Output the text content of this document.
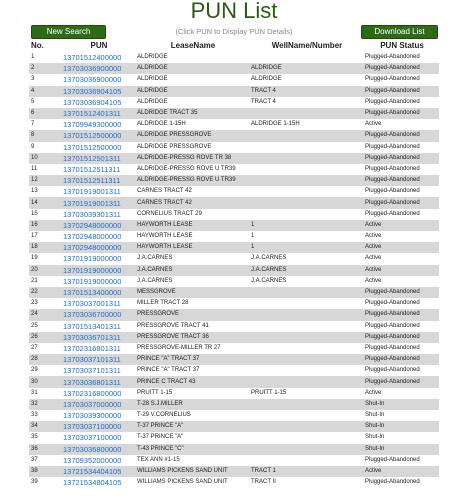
PUN List
New Search	(Click PUN to Display PUN Details)	Download List
No.	PUN	LeaseName	WellName/Number	PUN Status
1	13701512400000	ALDRIDGE		Plugged-Abandoned
2	13703036900000	ALDRIDGE	ALDRIDGE	Plugged-Abandoned
3	13703036900000	ALDRIDGE	ALDRIDGE	Plugged-Abandoned
4	13703036904105	ALDRIDGE	TRACT 4	Plugged-Abandoned
5	13703036904105	ALDRIDGE	TRACT 4	Plugged-Abandoned
6	13701512401311	ALDRIDGE TRACT 35		Plugged-Abandoned
7	13709949300000	ALDRIDGE 1-15H	ALDRIDGE 1-15H	Active
8	13701512500000	ALDRIDGE PRESSGROVE		Plugged-Abandoned
9	13701512500000	ALDRIDGE PRESSGROVE		Plugged-Abandoned
10	13701512501311	ALDRIDGE-PRESSG ROVE TR 38		Plugged-Abandoned
11	13701512511311	ALDRIDGE-PRESSG ROVE U TR39		Plugged-Abandoned
12	13701512511311	ALDRIDGE-PRESSG ROVE U TR39		Plugged-Abandoned
13	13701919001311	CARNES TRACT 42		Plugged-Abandoned
14	13701919001311	CARNES TRACT 42		Plugged-Abandoned
15	13703039301311	CORNELIUS TRACT 29		Plugged-Abandoned
16	13702948000000	HAYWORTH LEASE	1	Active
17	13702948000000	HAYWORTH LEASE	1	Active
18	13702948000000	HAYWORTH LEASE	1	Active
19	13701919000000	J.A.CARNES	J.A.CARNES	Active
20	13701919000000	J.A.CARNES	J.A.CARNES	Active
21	13701919000000	J.A.CARNES	J.A.CARNES	Active
22	13701513400000	MESSGROVE		Plugged-Abandoned
23	13703037001311	MILLER TRACT 28		Plugged-Abandoned
24	13703036700000	PRESSGROVE		Plugged-Abandoned
25	13701513401311	PRESSGROVE TRACT 41		Plugged-Abandoned
26	13703036701311	PRESSGROVE TRACT 36		Plugged-Abandoned
27	13702316801311	PRESSGROVE-MILLER TR 27		Plugged-Abandoned
28	13703037101311	PRINCE "A" TRACT 37		Plugged-Abandoned
29	13703037101311	PRINCE "A" TRACT 37		Plugged-Abandoned
30	13703036801311	PRINCE C TRACT 43		Plugged-Abandoned
31	13702316800000	PRUITT 1-15	PRUITT 1-15	Active
32	13703037000000	T-28 S.J.MILLER		Shut-In
33	13703039300000	T-29 V.CORNELIUS		Shut-In
34	13703037100000	T-37 PRINCE "A"		Shut-In
35	13703037100000	T-37 PRINCE "A"		Shut-In
36	13703036800000	T-43 PRINCE "C"		Shut-In
37	13709352000000	TEX ANN #1-15		Plugged-Abandoned
38	13721534404105	WILLIAMS PICKENS SAND UNIT	TRACT 1	Active
39	13721534804105	WILLIAMS PICKENS SAND UNIT	TRACT II	Plugged-Abandoned
